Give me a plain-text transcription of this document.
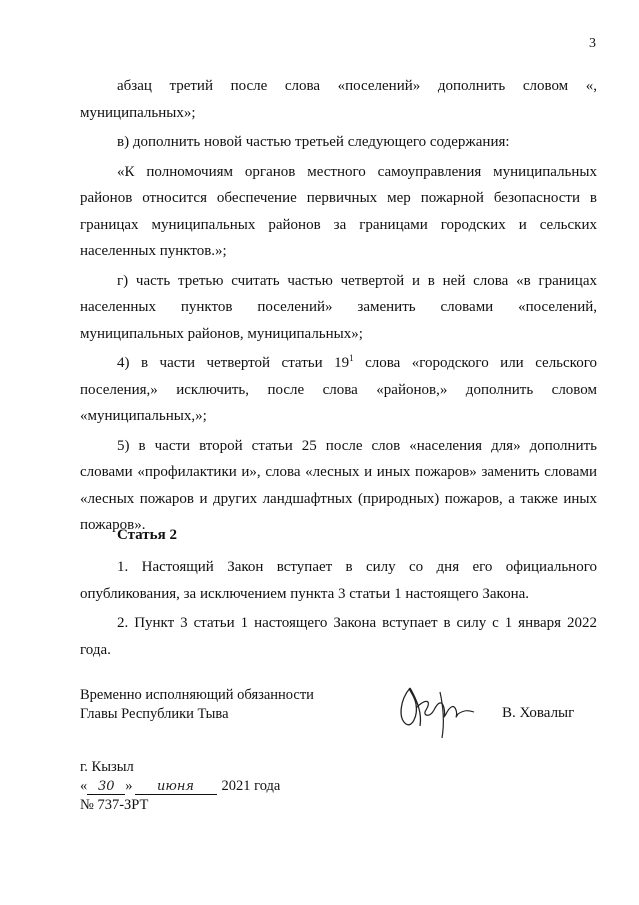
3

абзац третий после слова «поселений» дополнить словом «, муниципальных»;

в) дополнить новой частью третьей следующего содержания:

«К полномочиям органов местного самоуправления муниципальных районов относится обеспечение первичных мер пожарной безопасности в границах муниципальных районов за границами городских и сельских населенных пунктов.»;

г) часть третью считать частью четвертой и в ней слова «в границах населенных пунктов поселений» заменить словами «поселений, муниципальных районов, муниципальных»;

4) в части четвертой статьи $19^1$ слова «городского или сельского поселения,» исключить, после слова «районов,» дополнить словом «муниципальных,»;

5) в части второй статьи 25 после слов «населения для» дополнить словами «профилактики и», слова «лесных и иных пожаров» заменить словами «лесных пожаров и других ландшафтных (природных) пожаров, а также иных пожаров».

Статья 2

1. Настоящий Закон вступает в силу со дня его официального опубликования, за исключением пункта 3 статьи 1 настоящего Закона.

2. Пункт 3 статьи 1 настоящего Закона вступает в силу с 1 января 2022 года.

Временно исполняющий обязанности
Главы Республики Тыва	В. Ховалыг
г. Кызыл
« 30 »	июня	2021 года
№ 737-ЗРТ
